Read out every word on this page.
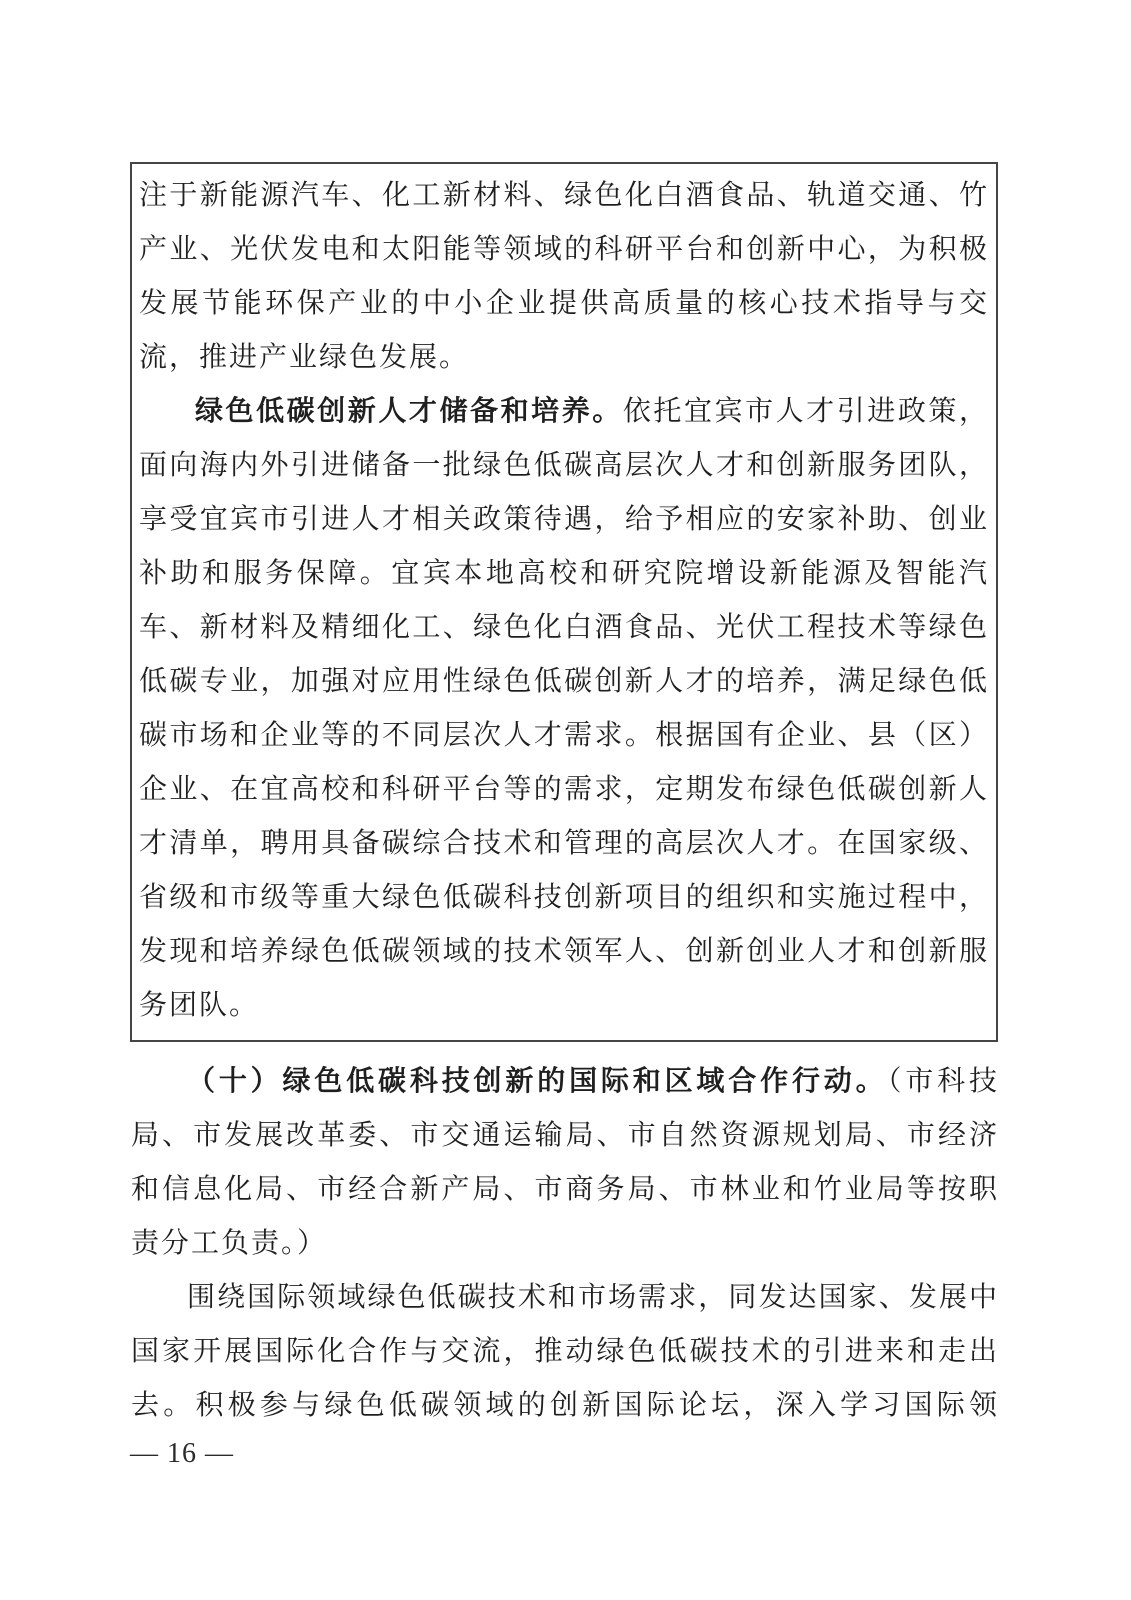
注于新能源汽车、化工新材料、绿色化白酒食品、轨道交通、竹产业、光伏发电和太阳能等领域的科研平台和创新中心，为积极发展节能环保产业的中小企业提供高质量的核心技术指导与交流，推进产业绿色发展。

绿色低碳创新人才储备和培养。依托宜宾市人才引进政策，面向海内外引进储备一批绿色低碳高层次人才和创新服务团队，享受宜宾市引进人才相关政策待遇，给予相应的安家补助、创业补助和服务保障。宜宾本地高校和研究院增设新能源及智能汽车、新材料及精细化工、绿色化白酒食品、光伏工程技术等绿色低碳专业，加强对应用性绿色低碳创新人才的培养，满足绿色低碳市场和企业等的不同层次人才需求。根据国有企业、县（区）企业、在宜高校和科研平台等的需求，定期发布绿色低碳创新人才清单，聘用具备碳综合技术和管理的高层次人才。在国家级、省级和市级等重大绿色低碳科技创新项目的组织和实施过程中，发现和培养绿色低碳领域的技术领军人、创新创业人才和创新服务团队。

（十）绿色低碳科技创新的国际和区域合作行动。（市科技局、市发展改革委、市交通运输局、市自然资源规划局、市经济和信息化局、市经合新产局、市商务局、市林业和竹业局等按职责分工负责。）

围绕国际领域绿色低碳技术和市场需求，同发达国家、发展中国家开展国际化合作与交流，推动绿色低碳技术的引进来和走出去。积极参与绿色低碳领域的创新国际论坛，深入学习国际领

— 16 —
